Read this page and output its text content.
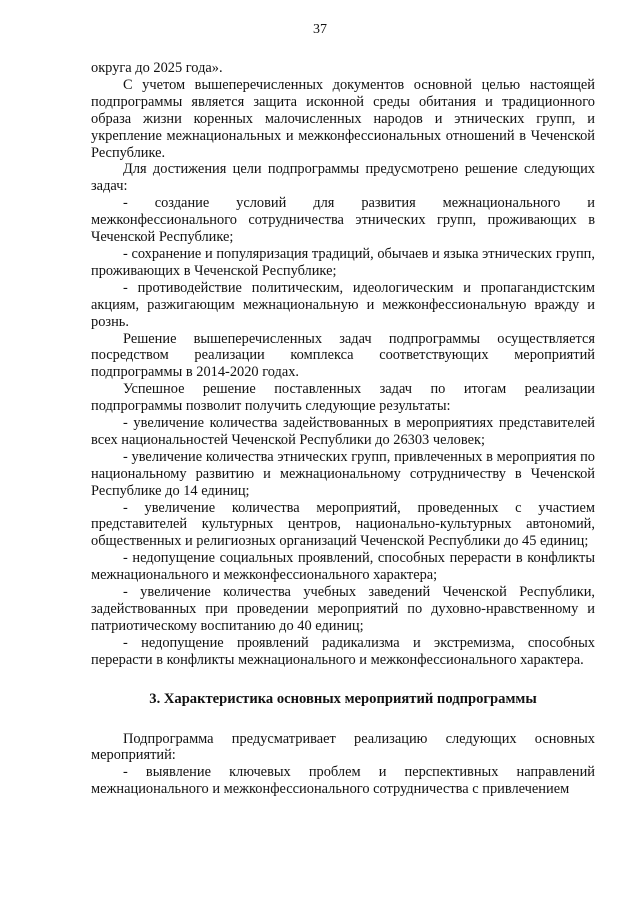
37

округа до 2025 года».

С учетом вышеперечисленных документов основной целью настоящей подпрограммы является защита исконной среды обитания и традиционного образа жизни коренных малочисленных народов и этнических групп, и укрепление межнациональных и межконфессиональных отношений в Чеченской Республике.

Для достижения цели подпрограммы предусмотрено решение следующих задач:

- создание условий для развития межнационального и межконфессионального сотрудничества этнических групп, проживающих в Чеченской Республике;

- сохранение и популяризация традиций, обычаев и языка этнических групп, проживающих в Чеченской Республике;

- противодействие политическим, идеологическим и пропагандистским акциям, разжигающим межнациональную и межконфессиональную вражду и рознь.

Решение вышеперечисленных задач подпрограммы осуществляется посредством реализации комплекса соответствующих мероприятий подпрограммы в 2014-2020 годах.

Успешное решение поставленных задач по итогам реализации подпрограммы позволит получить следующие результаты:

- увеличение количества задействованных в мероприятиях представителей всех национальностей Чеченской Республики до 26303 человек;

- увеличение количества этнических групп, привлеченных в мероприятия по национальному развитию и межнациональному сотрудничеству в Чеченской Республике до 14 единиц;

- увеличение количества мероприятий, проведенных с участием представителей культурных центров, национально-культурных автономий, общественных и религиозных организаций Чеченской Республики до 45 единиц;

- недопущение социальных проявлений, способных перерасти в конфликты межнационального и межконфессионального характера;

- увеличение количества учебных заведений Чеченской Республики, задействованных при проведении мероприятий по духовно-нравственному и патриотическому воспитанию до 40 единиц;

- недопущение проявлений радикализма и экстремизма, способных перерасти в конфликты межнационального и межконфессионального характера.

3. Характеристика основных мероприятий подпрограммы

Подпрограмма предусматривает реализацию следующих основных мероприятий:

- выявление ключевых проблем и перспективных направлений межнационального и межконфессионального сотрудничества с привлечением
